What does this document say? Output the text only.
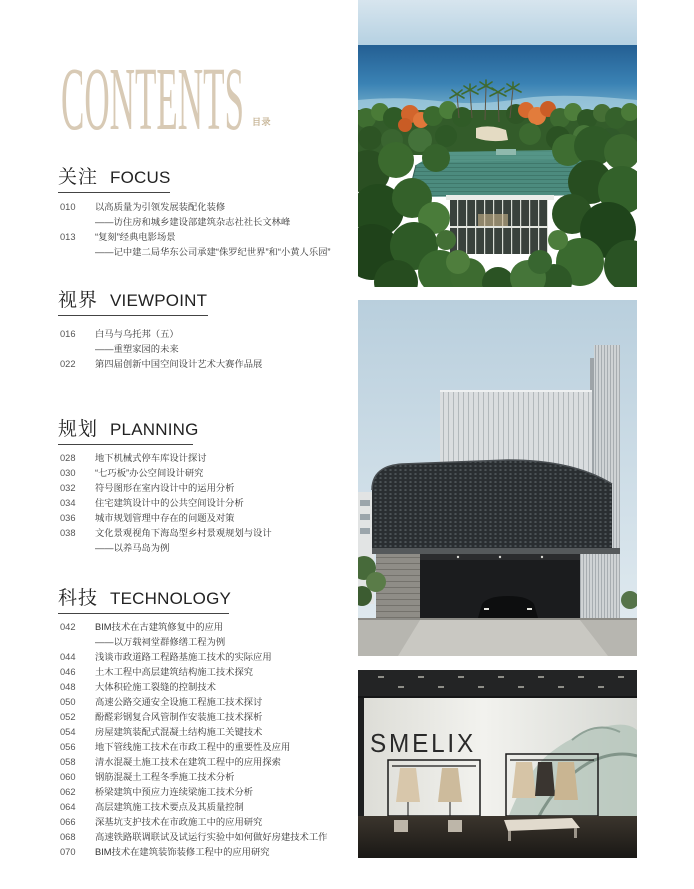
CONTENTS 目录
关注 FOCUS
010 以高质量为引领发展装配化装修
——访住房和城乡建设部建筑杂志社社长文林峰
013 “复刻”经典电影场景
——记中建二局华东公司承建“侏罗纪世界”和“小黄人乐园”
视界 VIEWPOINT
016 白马与乌托邦（五）
——重塑家园的未来
022 第四届创新中国空间设计艺术大赛作品展
规划 PLANNING
028 地下机械式停车库设计探讨
030 “七巧板”办公空间设计研究
032 符号图形在室内设计中的运用分析
034 住宅建筑设计中的公共空间设计分析
036 城市规划管理中存在的问题及对策
038 文化景观视角下海岛型乡村景观规划与设计
——以养马岛为例
科技 TECHNOLOGY
042 BIM技术在古建筑修复中的应用
——以万载祠堂群修缮工程为例
044 浅谈市政道路工程路基施工技术的实际应用
046 土木工程中高层建筑结构施工技术探究
048 大体积砼施工裂缝的控制技术
050 高速公路交通安全设施工程施工技术探讨
052 酚醛彩钢复合风管制作安装施工技术探析
054 房屋建筑装配式混凝土结构施工关键技术
056 地下管线施工技术在市政工程中的重要性及应用
058 清水混凝土施工技术在建筑工程中的应用探索
060 钢筋混凝土工程冬季施工技术分析
062 桥梁建筑中预应力连续梁施工技术分析
064 高层建筑施工技术要点及其质量控制
066 深基坑支护技术在市政施工中的应用研究
068 高速铁路联调联试及试运行实验中如何做好房建技术工作
070 BIM技术在建筑装饰装修工程中的应用研究
SMELIX
